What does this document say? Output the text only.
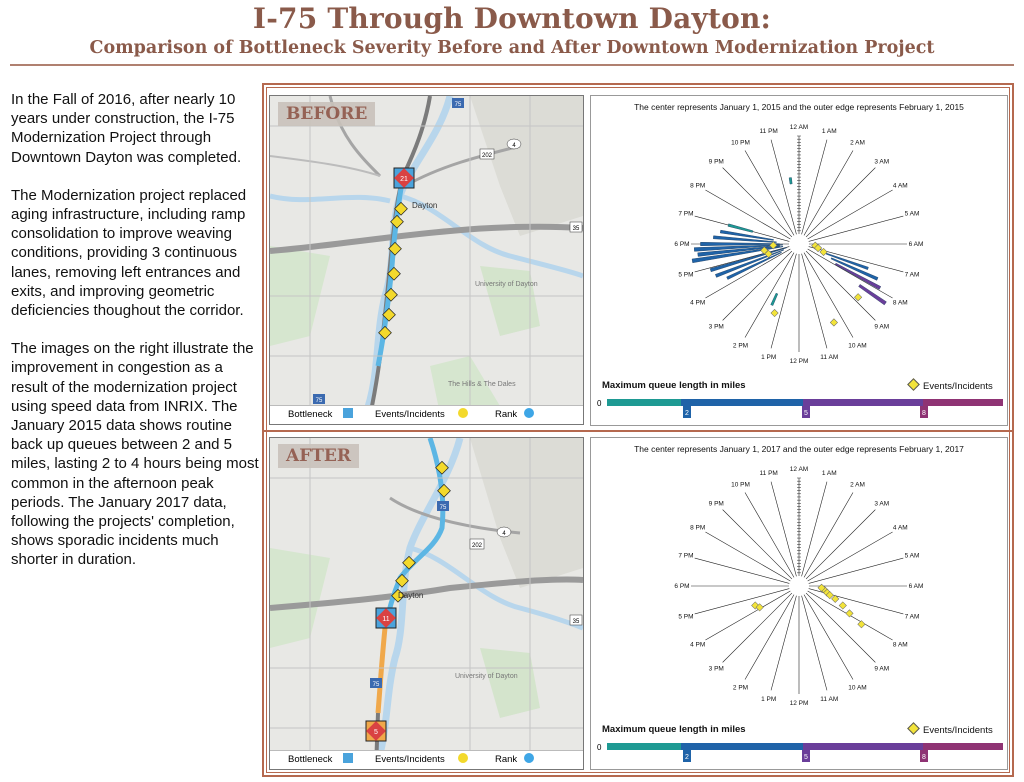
I-75 Through Downtown Dayton:
Comparison of Bottleneck Severity Before and After Downtown Modernization Project

In the Fall of 2016, after nearly 10 years under construction, the I-75 Modernization Project through Downtown Dayton was completed.

The Modernization project replaced aging infrastructure, including ramp consolidation to improve weaving conditions, providing 3 continuous lanes, removing left entrances and exits, and improving geometric deficiencies thoughout the corridor.

The images on the right illustrate the improvement in congestion as a result of the modernization project using speed data from INRIX. The January 2015 data shows routine back up queues between 2 and 5 miles, lasting 2 to 4 hours being most common in the afternoon peak periods. The January 2017 data, following the projects' completion, shows sporadic incidents much shorter in duration.

21
Dayton
University of Dayton
The Hills & The Dales
75
35
202
4
75
BEFORE
Bottleneck	Events/Incidents	Rank
The center represents January 1, 2015 and the outer edge represents February 1, 2015
12 AM
1 AM
2 AM
3 AM
4 AM
5 AM
6 AM
7 AM
8 AM
9 AM
10 AM
11 AM
12 PM
1 PM
2 PM
3 PM
4 PM
5 PM
6 PM
7 PM
8 PM
9 PM
10 PM
11 PM
Maximum queue length in miles	Events/Incidents
2	5	8
0
11
5
Dayton
University of Dayton
75
35
202
4
75
AFTER
Bottleneck	Events/Incidents	Rank
The center represents January 1, 2017 and the outer edge represents February 1, 2017
12 AM
1 AM
2 AM
3 AM
4 AM
5 AM
6 AM
7 AM
8 AM
9 AM
10 AM
11 AM
12 PM
1 PM
2 PM
3 PM
4 PM
5 PM
6 PM
7 PM
8 PM
9 PM
10 PM
11 PM
Maximum queue length in miles	Events/Incidents
2	5	8
0
